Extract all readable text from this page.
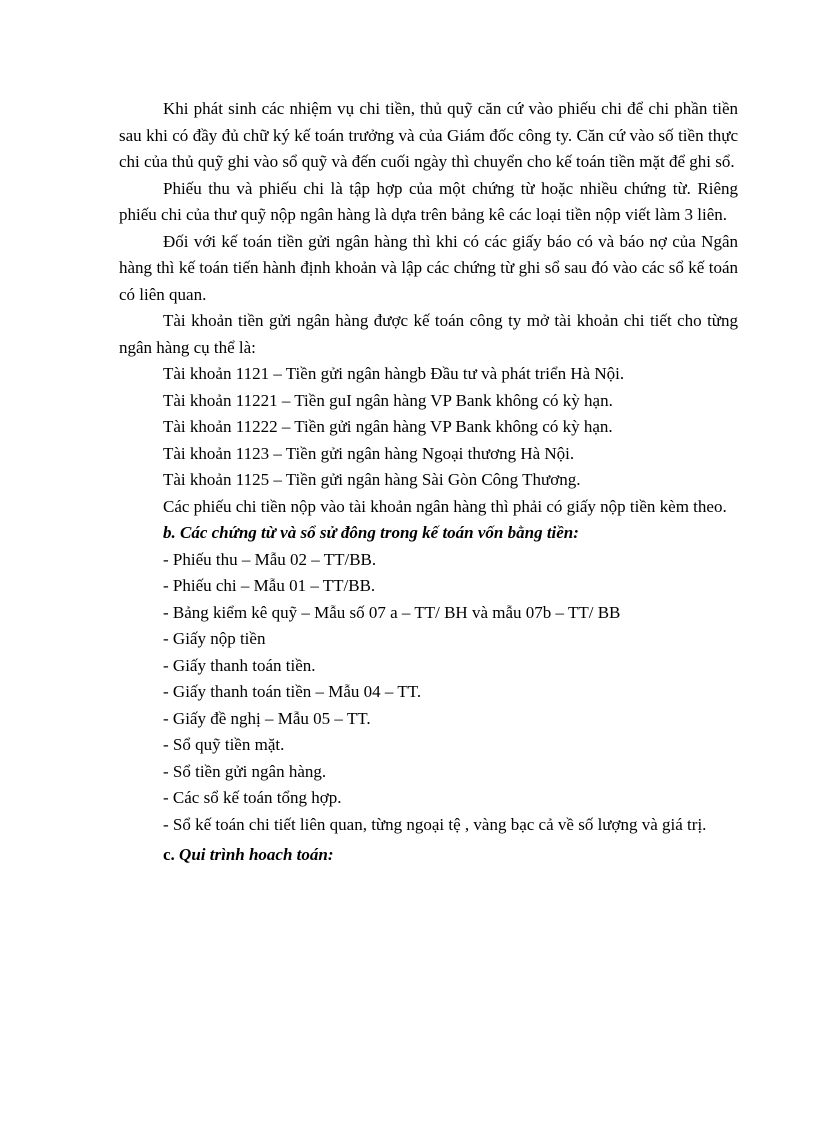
Khi phát sinh các nhiệm vụ chi tiền, thủ quỹ căn cứ vào phiếu chi để chi phần tiền sau khi có đầy đủ chữ ký kế toán trưởng và của Giám đốc công ty. Căn cứ vào số tiền thực chi của thủ quỹ ghi vào sổ quỹ và đến cuối ngày thì chuyển cho kế toán tiền mặt để ghi sổ.

Phiếu thu và phiếu chi là tập hợp của một chứng từ hoặc nhiều chứng từ. Riêng phiếu chi của thư quỹ nộp ngân hàng là dựa trên bảng kê các loại tiền nộp viết làm 3 liên.

Đối với kế toán tiền gửi ngân hàng thì khi có các giấy báo có và báo nợ của Ngân hàng thì kế toán tiến hành định khoản và lập các chứng từ ghi sổ sau đó vào các sổ kế toán có liên quan.

Tài khoản tiền gửi ngân hàng được kế toán công ty mở tài khoản chi tiết cho từng ngân hàng cụ thể là:

Tài khoản 1121 – Tiền gửi ngân hàngb Đầu tư và phát triển Hà Nội.

Tài khoản 11221 – Tiền guI ngân hàng VP Bank không có kỳ hạn.

Tài khoản 11222 – Tiền gửi ngân hàng VP Bank không có kỳ hạn.

Tài khoản 1123 – Tiền gửi ngân hàng Ngoại thương Hà Nội.

Tài khoản 1125 – Tiền gửi ngân hàng Sài Gòn Công Thương.

Các phiếu chi tiền nộp vào tài khoản ngân hàng thì phải có giấy nộp tiền kèm theo.

b. Các chứng từ và sổ sử đông trong kế toán vốn bằng tiền:

- Phiếu thu – Mẫu 02 – TT/BB.

- Phiếu chi – Mẫu 01 – TT/BB.

- Bảng kiểm kê quỹ – Mẫu số 07 a – TT/ BH và mẫu 07b – TT/ BB

- Giấy nộp tiền

- Giấy thanh toán tiền.

- Giấy thanh toán tiền – Mẫu 04 – TT.

- Giấy đề nghị – Mẫu 05 – TT.

- Sổ quỹ tiền mặt.

- Sổ tiền gửi ngân hàng.

- Các sổ kế toán tổng hợp.

- Sổ kế toán chi tiết liên quan, từng ngoại tệ , vàng bạc cả về số lượng và giá trị.

c. Qui trình hoach toán:
